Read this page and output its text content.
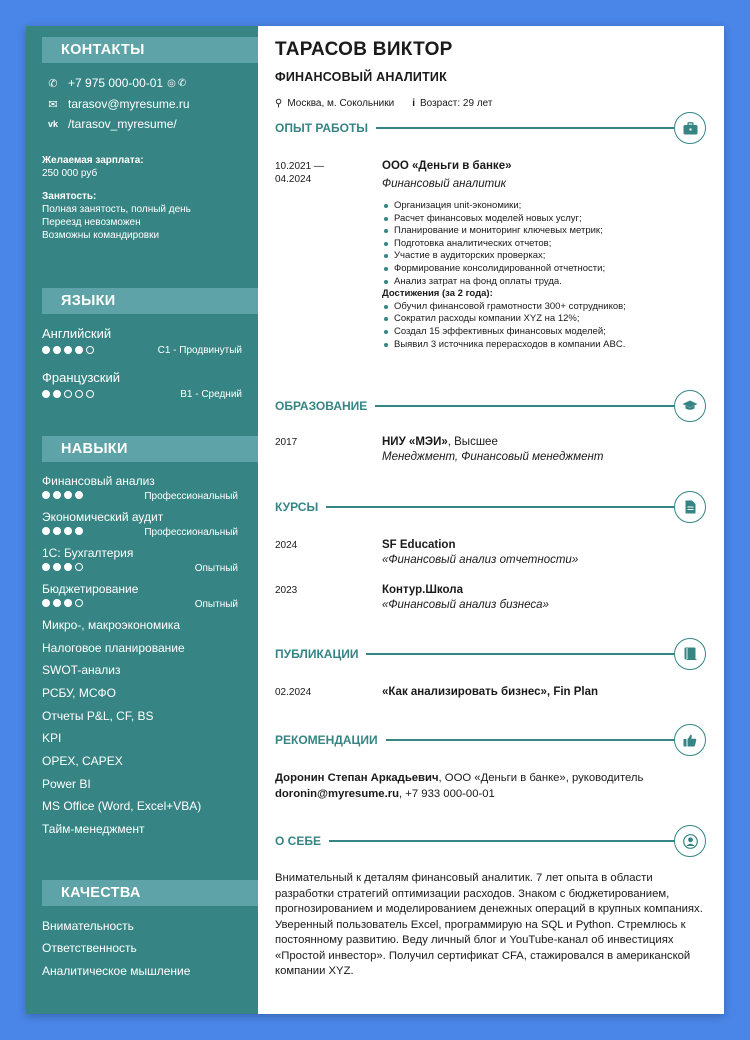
КОНТАКТЫ
✆ +7 975 000-00-01 ◎ ✆
✉ tarasov@myresume.ru
vk /tarasov_myresume/
Желаемая зарплата:
250 000 руб
Занятость:
Полная занятость, полный день
Переезд невозможен
Возможны командировки
ЯЗЫКИ
Английский
C1 - Продвинутый
Французский
B1 - Средний
НАВЫКИ
Финансовый анализ
Профессиональный
Экономический аудит
Профессиональный
1С: Бухгалтерия
Опытный
Бюджетирование
Опытный
Микро-, макроэкономика
Налоговое планирование
SWOT-анализ
РСБУ, МСФО
Отчеты P&L, CF, BS
KPI
OPEX, CAPEX
Power BI
MS Office (Word, Excel+VBA)
Тайм-менеджмент
КАЧЕСТВА
Внимательность
Ответственность
Аналитическое мышление
ТАРАСОВ ВИКТОР
ФИНАНСОВЫЙ АНАЛИТИК
⚲ Москва, м. Сокольники i Возраст: 29 лет
ОПЫТ РАБОТЫ
10.2021 —
04.2024
ООО «Деньги в банке»
Финансовый аналитик
Организация unit-экономики;
Расчет финансовых моделей новых услуг;
Планирование и мониторинг ключевых метрик;
Подготовка аналитических отчетов;
Участие в аудиторских проверках;
Формирование консолидированной отчетности;
Анализ затрат на фонд оплаты труда.
Достижения (за 2 года):
Обучил финансовой грамотности 300+ сотрудников;
Сократил расходы компании XYZ на 12%;
Создал 15 эффективных финансовых моделей;
Выявил 3 источника перерасходов в компании ABC.
ОБРАЗОВАНИЕ
2017	НИУ «МЭИ», Высшее
Менеджмент, Финансовый менеджмент
КУРСЫ
2024	SF Education
«Финансовый анализ отчетности»
2023	Контур.Школа
«Финансовый анализ бизнеса»
ПУБЛИКАЦИИ
02.2024	«Как анализировать бизнес», Fin Plan
РЕКОМЕНДАЦИИ
Доронин Степан Аркадьевич, ООО «Деньги в банке», руководитель
doronin@myresume.ru, +7 933 000-00-01
О СЕБЕ
Внимательный к деталям финансовый аналитик. 7 лет опыта в области разработки стратегий оптимизации расходов. Знаком с бюджетированием, прогнозированием и моделированием денежных операций в крупных компаниях. Уверенный пользователь Excel, программирую на SQL и Python. Стремлюсь к постоянному развитию. Веду личный блог и YouTube-канал об инвестициях «Простой инвестор». Получил сертификат CFA, стажировался в американской компании XYZ.
